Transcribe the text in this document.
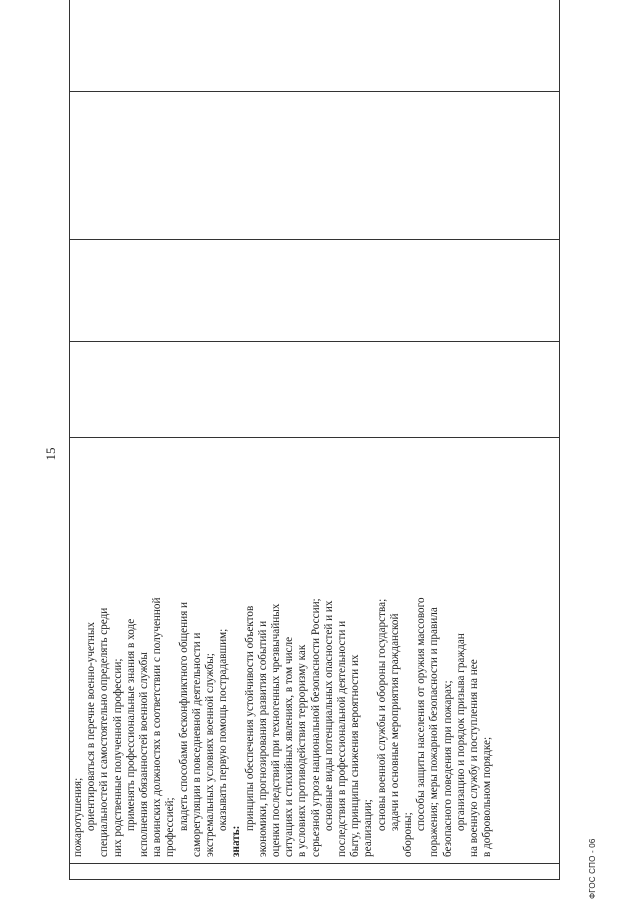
15

пожаротушения; ориентироваться в перечне военно-учетных специальностей и самостоятельно определять среди них родственные полученной профессии; применять профессиональные знания в ходе исполнения обязанностей военной службы на воинских должностях в соответствии с полученной профессией; владеть способами бесконфликтного общения и саморегуляции в повседневной деятельности и экстремальных условиях военной службы; оказывать первую помощь пострадавшим;
знать:
принципы обеспечения устойчивости объектов экономики, прогнозирования развития событий и оценки последствий при техногенных чрезвычайных ситуациях и стихийных явлениях, в том числе в условиях противодействия терроризму как серьезной угрозе национальной безопасности России; основные виды потенциальных опасностей и их последствия в профессиональной деятельности и быту, принципы снижения вероятности их реализации; основы военной службы и обороны государства; задачи и основные мероприятия гражданской
обороны;
способы защиты населения от оружия массового поражения; меры пожарной безопасности и правила безопасного поведения при пожарах; организацию и порядок призыва граждан на военную службу и поступления на нее в добровольном порядке;

ФГОС СПО - 06
